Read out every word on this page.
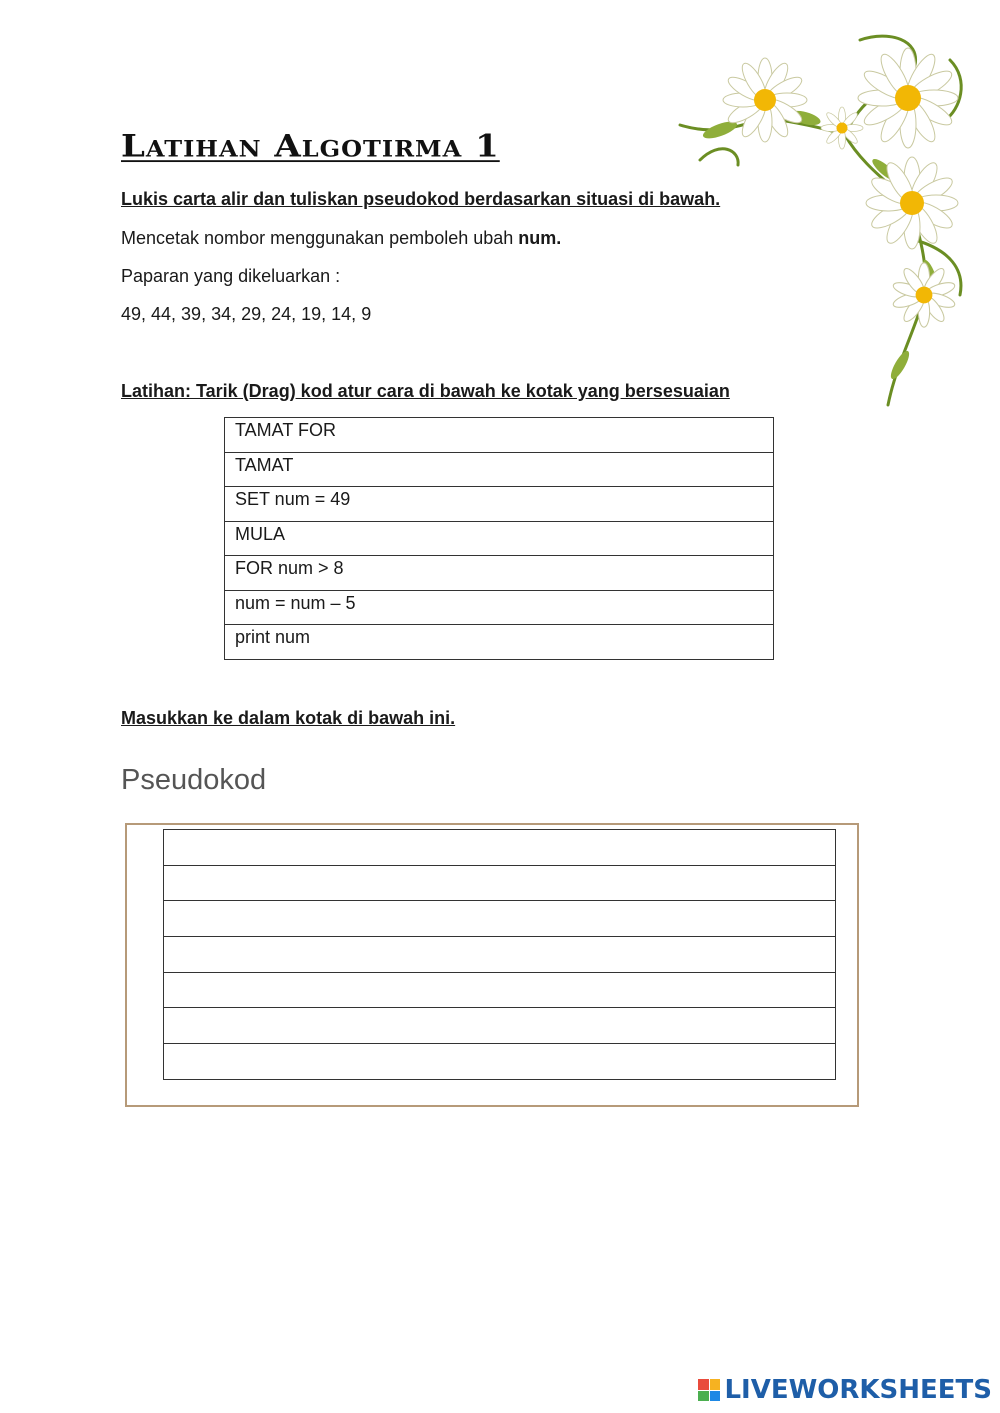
Latihan Algotirma 1

Lukis carta alir dan tuliskan pseudokod berdasarkan situasi di bawah.

Mencetak nombor menggunakan pemboleh ubah num.

Paparan yang dikeluarkan :

49, 44, 39, 34, 29, 24, 19, 14, 9

Latihan: Tarik (Drag) kod atur cara di bawah ke kotak yang bersesuaian

TAMAT FOR
TAMAT
SET num = 49
MULA
FOR num > 8
num = num – 5
print num

Masukkan ke dalam kotak di bawah ini.

Pseudokod

LIVEWORKSHEETS
